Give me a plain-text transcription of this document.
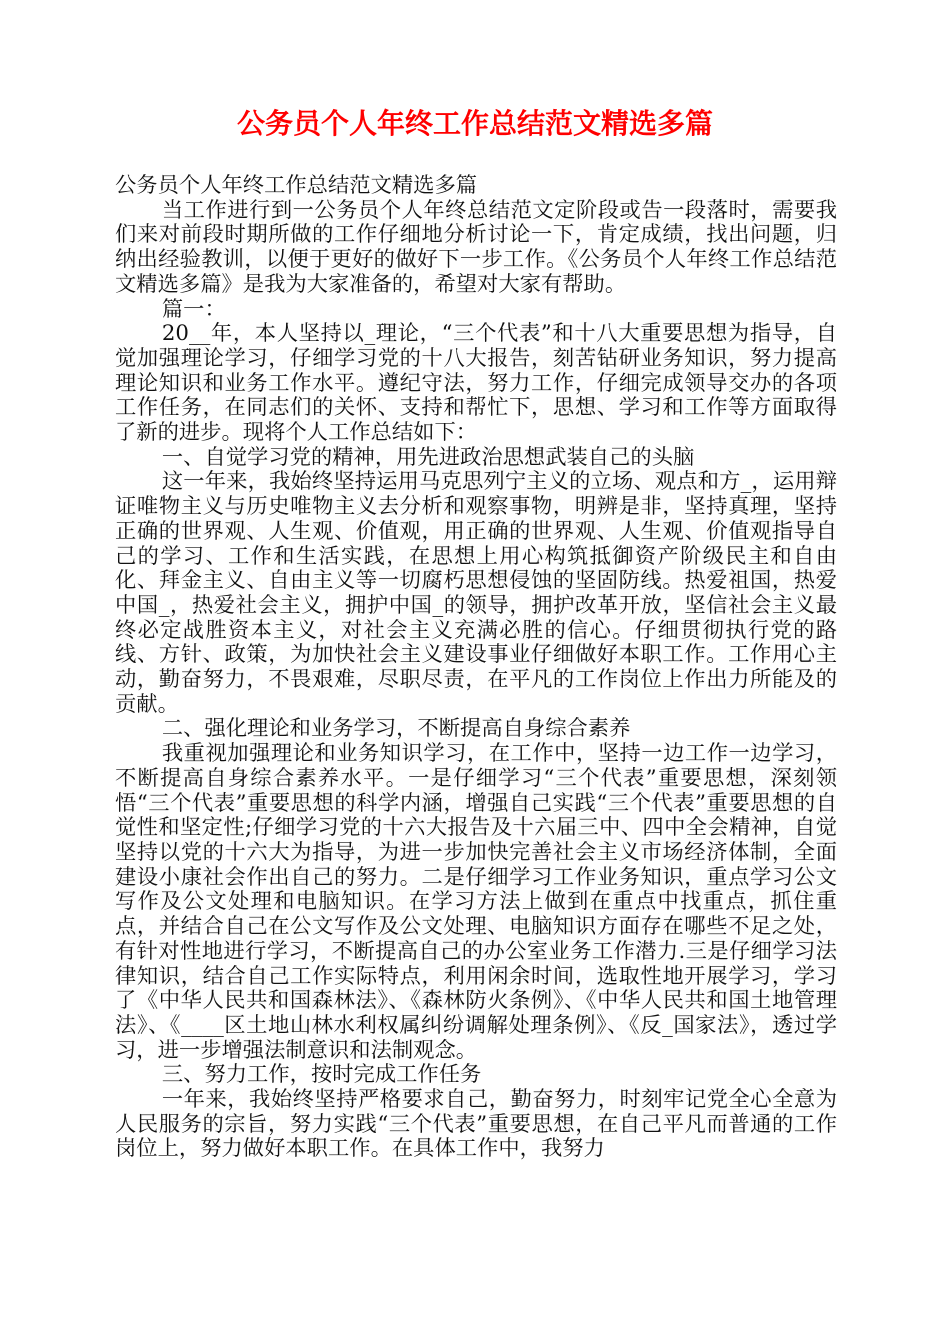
公务员个人年终工作总结范文精选多篇

公务员个人年终工作总结范文精选多篇

当工作进行到一公务员个人年终总结范文定阶段或告一段落时，需要我们来对前段时期所做的工作仔细地分析讨论一下，肯定成绩，找出问题，归纳出经验教训，以便于更好的做好下一步工作。《公务员个人年终工作总结范文精选多篇》是我为大家准备的，希望对大家有帮助。

篇一：

20__年，本人坚持以_理论，“三个代表”和十八大重要思想为指导，自觉加强理论学习，仔细学习党的十八大报告，刻苦钻研业务知识，努力提高理论知识和业务工作水平。遵纪守法，努力工作，仔细完成领导交办的各项工作任务，在同志们的关怀、支持和帮忙下，思想、学习和工作等方面取得了新的进步。现将个人工作总结如下：

一、自觉学习党的精神，用先进政治思想武装自己的头脑

这一年来，我始终坚持运用马克思列宁主义的立场、观点和方_，运用辩证唯物主义与历史唯物主义去分析和观察事物，明辨是非，坚持真理，坚持正确的世界观、人生观、价值观，用正确的世界观、人生观、价值观指导自己的学习、工作和生活实践，在思想上用心构筑抵御资产阶级民主和自由化、拜金主义、自由主义等一切腐朽思想侵蚀的坚固防线。热爱祖国，热爱中国_，热爱社会主义，拥护中国_的领导，拥护改革开放，坚信社会主义最终必定战胜资本主义，对社会主义充满必胜的信心。仔细贯彻执行党的路线、方针、政策，为加快社会主义建设事业仔细做好本职工作。工作用心主动，勤奋努力，不畏艰难，尽职尽责，在平凡的工作岗位上作出力所能及的贡献。

二、强化理论和业务学习，不断提高自身综合素养

我重视加强理论和业务知识学习，在工作中，坚持一边工作一边学习，不断提高自身综合素养水平。一是仔细学习“三个代表”重要思想，深刻领悟“三个代表”重要思想的科学内涵，增强自己实践“三个代表”重要思想的自觉性和坚定性;仔细学习党的十六大报告及十六届三中、四中全会精神，自觉坚持以党的十六大为指导，为进一步加快完善社会主义市场经济体制，全面建设小康社会作出自己的努力。二是仔细学习工作业务知识，重点学习公文写作及公文处理和电脑知识。在学习方法上做到在重点中找重点，抓住重点，并结合自己在公文写作及公文处理、电脑知识方面存在哪些不足之处，有针对性地进行学习，不断提高自己的办公室业务工作潜力.三是仔细学习法律知识，结合自己工作实际特点，利用闲余时间，选取性地开展学习，学习了《中华人民共和国森林法》、《森林防火条例》、《中华人民共和国土地管理法》、《____区土地山林水利权属纠纷调解处理条例》、《反_国家法》，透过学习，进一步增强法制意识和法制观念。

三、努力工作，按时完成工作任务

一年来，我始终坚持严格要求自己，勤奋努力，时刻牢记党全心全意为人民服务的宗旨，努力实践“三个代表”重要思想，在自己平凡而普通的工作岗位上，努力做好本职工作。在具体工作中，我努力
